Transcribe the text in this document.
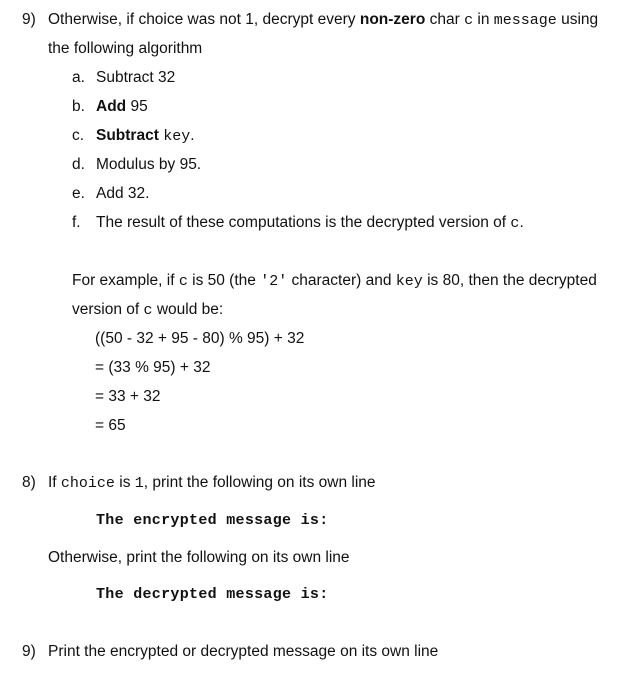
9) Otherwise, if choice was not 1, decrypt every non-zero char c in message using
the following algorithm
a. Subtract 32
b. Add 95
c. Subtract key.
d. Modulus by 95.
e. Add 32.
f. The result of these computations is the decrypted version of c.
For example, if c is 50 (the '2' character) and key is 80, then the decrypted
version of c would be:
((50 - 32 + 95 - 80) % 95) + 32
= (33 % 95) + 32
= 33 + 32
= 65
8) If choice is 1, print the following on its own line
The encrypted message is:
Otherwise, print the following on its own line
The decrypted message is:
9) Print the encrypted or decrypted message on its own line
